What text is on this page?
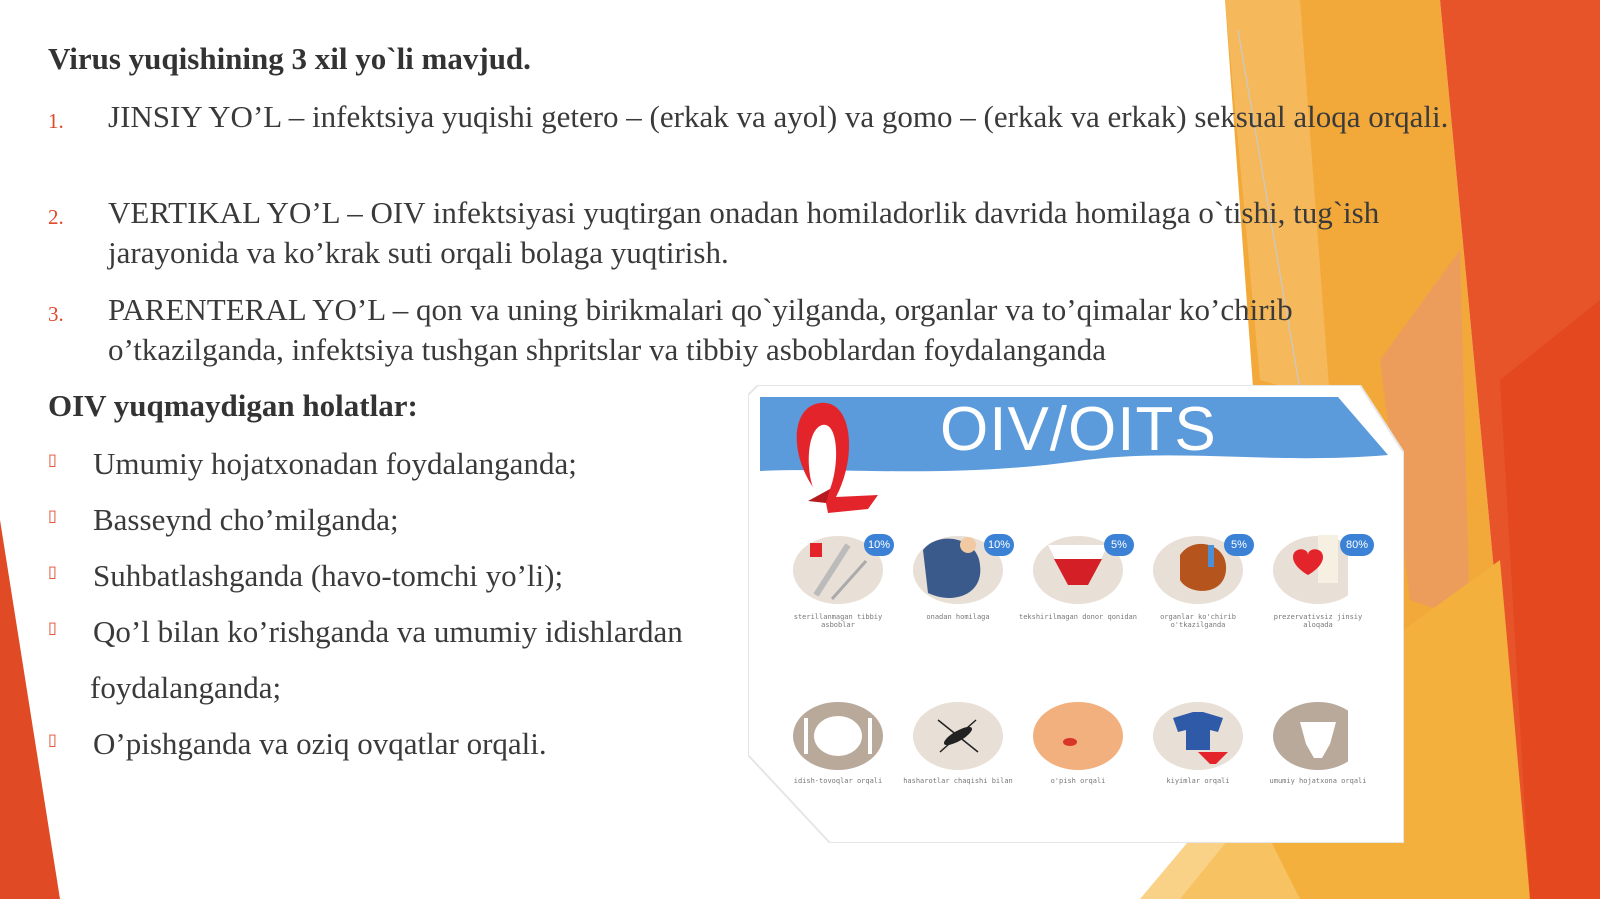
Virus yuqishining 3 xil yo`li mavjud.
1. JINSIY YO’L – infektsiya yuqishi getero – (erkak va ayol) va gomo – (erkak va erkak) seksual aloqa orqali.
2. VERTIKAL YO’L – OIV infektsiyasi yuqtirgan onadan homiladorlik davrida homilaga o`tishi, tug`ish jarayonida va ko’krak suti orqali bolaga yuqtirish.
3. PARENTERAL YO’L – qon va uning birikmalari qo`yilganda, organlar va to’qimalar ko’chirib o’tkazilganda, infektsiya tushgan shpritslar va tibbiy asboblardan foydalanganda
OIV yuqmaydigan holatlar:
▯ Umumiy hojatxonadan foydalanganda;
▯ Basseynd cho’milganda;
▯ Suhbatlashganda (havo-tomchi yo’li);
▯ Qo’l bilan ko’rishganda va umumiy idishlardan
foydalanganda;
▯ O’pishganda va oziq ovqatlar orqali.
OIV/OITS
10%	10%	5%	5%	80%
sterillanmagan tibbiy asboblar
onadan homilaga	tekshirilmagan donor qonidan	organlar ko'chirib o'tkazilganda
prezervativsiz jinsiy aloqada
idish-tovoqlar orqali	hasharotlar chaqishi bilan	o'pish orqali	kiyimlar orqali	umumiy hojatxona orqali
